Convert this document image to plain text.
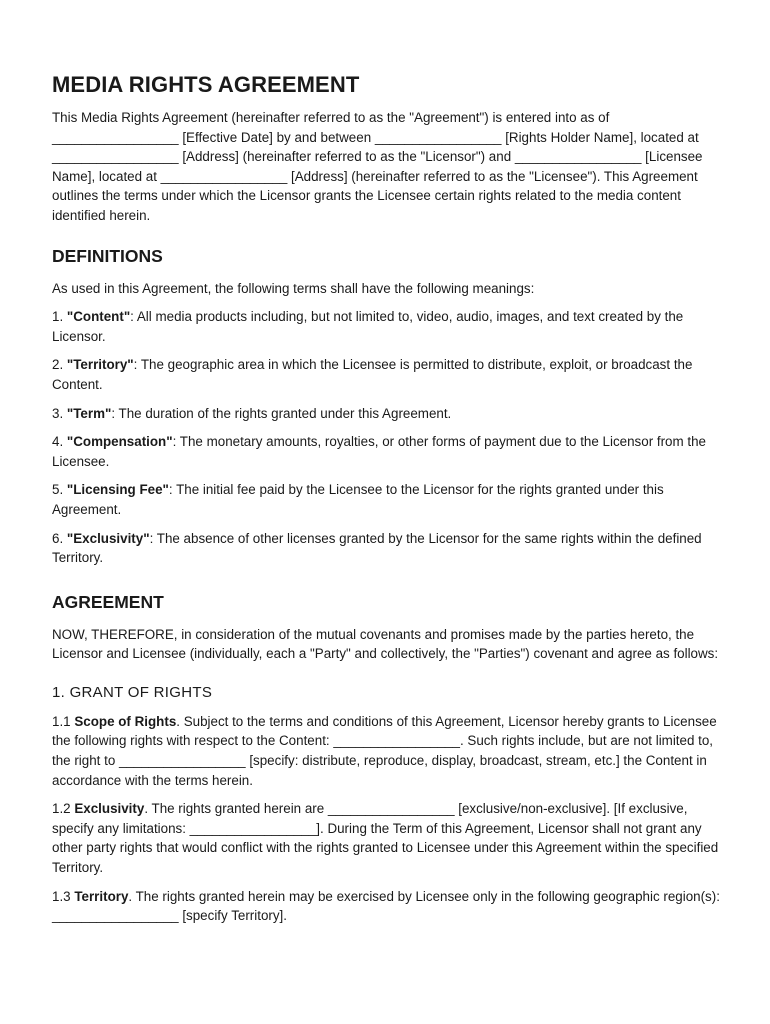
MEDIA RIGHTS AGREEMENT

This Media Rights Agreement (hereinafter referred to as the "Agreement") is entered into as of _________________ [Effective Date] by and between _________________ [Rights Holder Name], located at _________________ [Address] (hereinafter referred to as the "Licensor") and _________________ [Licensee Name], located at _________________ [Address] (hereinafter referred to as the "Licensee"). This Agreement outlines the terms under which the Licensor grants the Licensee certain rights related to the media content identified herein.

DEFINITIONS

As used in this Agreement, the following terms shall have the following meanings:

1. "Content": All media products including, but not limited to, video, audio, images, and text created by the Licensor.

2. "Territory": The geographic area in which the Licensee is permitted to distribute, exploit, or broadcast the Content.

3. "Term": The duration of the rights granted under this Agreement.

4. "Compensation": The monetary amounts, royalties, or other forms of payment due to the Licensor from the Licensee.

5. "Licensing Fee": The initial fee paid by the Licensee to the Licensor for the rights granted under this Agreement.

6. "Exclusivity": The absence of other licenses granted by the Licensor for the same rights within the defined Territory.

AGREEMENT

NOW, THEREFORE, in consideration of the mutual covenants and promises made by the parties hereto, the Licensor and Licensee (individually, each a "Party" and collectively, the "Parties") covenant and agree as follows:

1. GRANT OF RIGHTS

1.1 Scope of Rights. Subject to the terms and conditions of this Agreement, Licensor hereby grants to Licensee the following rights with respect to the Content: _________________. Such rights include, but are not limited to, the right to _________________ [specify: distribute, reproduce, display, broadcast, stream, etc.] the Content in accordance with the terms herein.

1.2 Exclusivity. The rights granted herein are _________________ [exclusive/non-exclusive]. [If exclusive, specify any limitations: _________________]. During the Term of this Agreement, Licensor shall not grant any other party rights that would conflict with the rights granted to Licensee under this Agreement within the specified Territory.

1.3 Territory. The rights granted herein may be exercised by Licensee only in the following geographic region(s): _________________ [specify Territory].
